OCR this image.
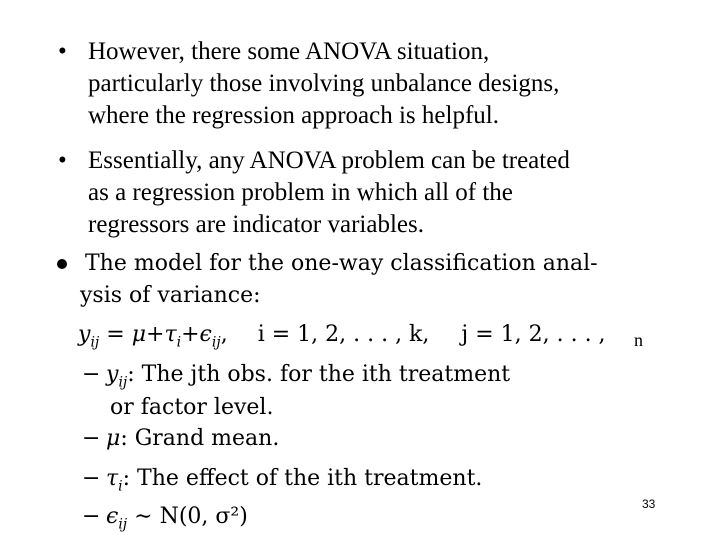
• However, there some ANOVA situation,
particularly those involving unbalance designs,
where the regression approach is helpful.
• Essentially, any ANOVA problem can be treated
as a regression problem in which all of the
regressors are indicator variables.
The model for the one-way classification anal-
ysis of variance:
$y_{ij} = \mu+\tau_i+\epsilon_{ij}$, i = 1, 2, . . . , k, j = 1, 2, . . . , n
− $y_{ij}$: The jth obs. for the ith treatment
or factor level.
− μ: Grand mean.
− $\tau_i$: The effect of the ith treatment.
− $\epsilon_{ij}$ ∼ N(0, σ²)	33
